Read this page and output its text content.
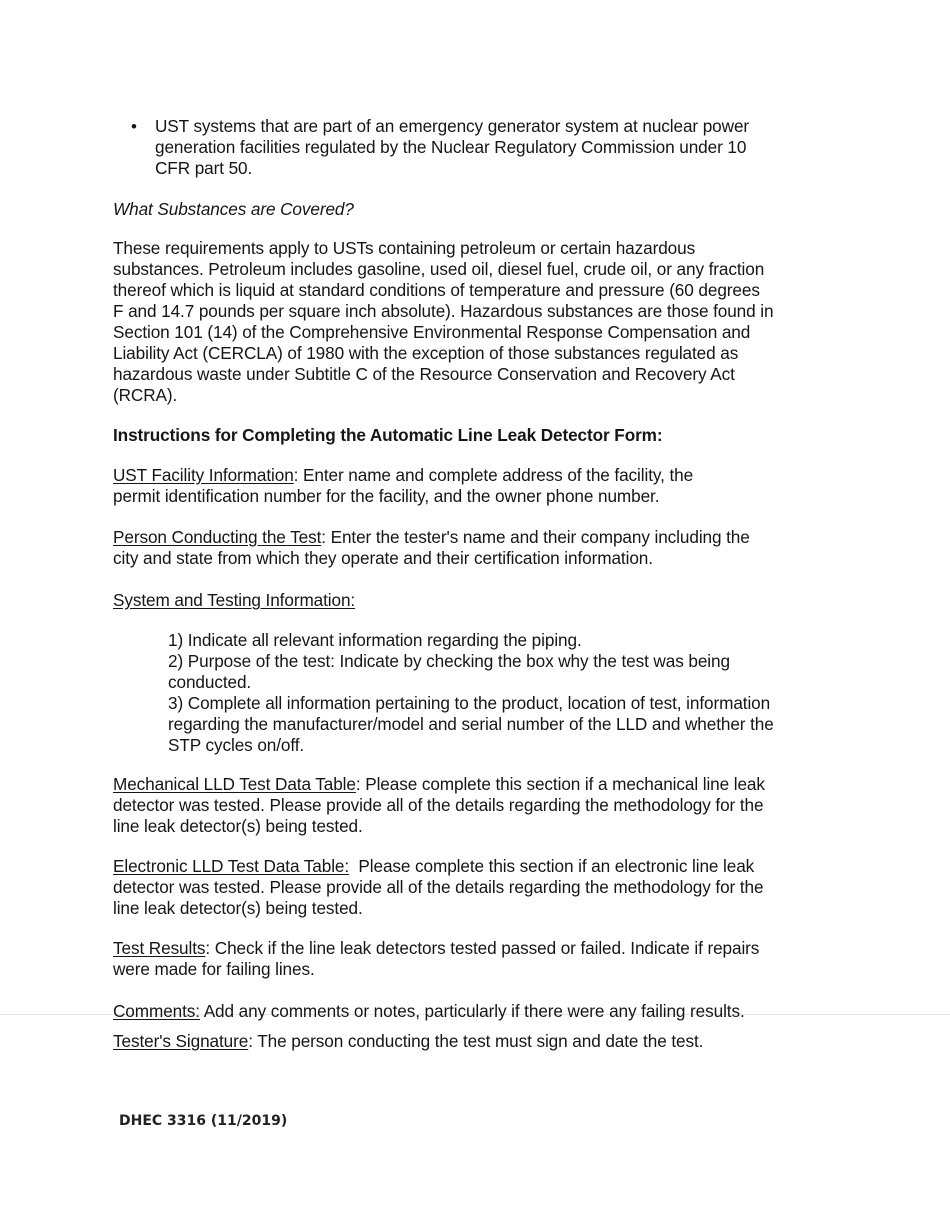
• UST systems that are part of an emergency generator system at nuclear power
generation facilities regulated by the Nuclear Regulatory Commission under 10
CFR part 50.
What Substances are Covered?
These requirements apply to USTs containing petroleum or certain hazardous
substances. Petroleum includes gasoline, used oil, diesel fuel, crude oil, or any fraction
thereof which is liquid at standard conditions of temperature and pressure (60 degrees
F and 14.7 pounds per square inch absolute). Hazardous substances are those found in
Section 101 (14) of the Comprehensive Environmental Response Compensation and
Liability Act (CERCLA) of 1980 with the exception of those substances regulated as
hazardous waste under Subtitle C of the Resource Conservation and Recovery Act
(RCRA).
Instructions for Completing the Automatic Line Leak Detector Form:
UST Facility Information: Enter name and complete address of the facility, the
permit identification number for the facility, and the owner phone number.
Person Conducting the Test: Enter the tester's name and their company including the
city and state from which they operate and their certification information.
System and Testing Information:
1) Indicate all relevant information regarding the piping.
2) Purpose of the test: Indicate by checking the box why the test was being
conducted.
3) Complete all information pertaining to the product, location of test, information
regarding the manufacturer/model and serial number of the LLD and whether the
STP cycles on/off.
Mechanical LLD Test Data Table: Please complete this section if a mechanical line leak
detector was tested. Please provide all of the details regarding the methodology for the
line leak detector(s) being tested.
Electronic LLD Test Data Table:  Please complete this section if an electronic line leak
detector was tested. Please provide all of the details regarding the methodology for the
line leak detector(s) being tested.
Test Results: Check if the line leak detectors tested passed or failed. Indicate if repairs
were made for failing lines.
Comments: Add any comments or notes, particularly if there were any failing results.
Tester's Signature: The person conducting the test must sign and date the test.
DHEC 3316 (11/2019)
